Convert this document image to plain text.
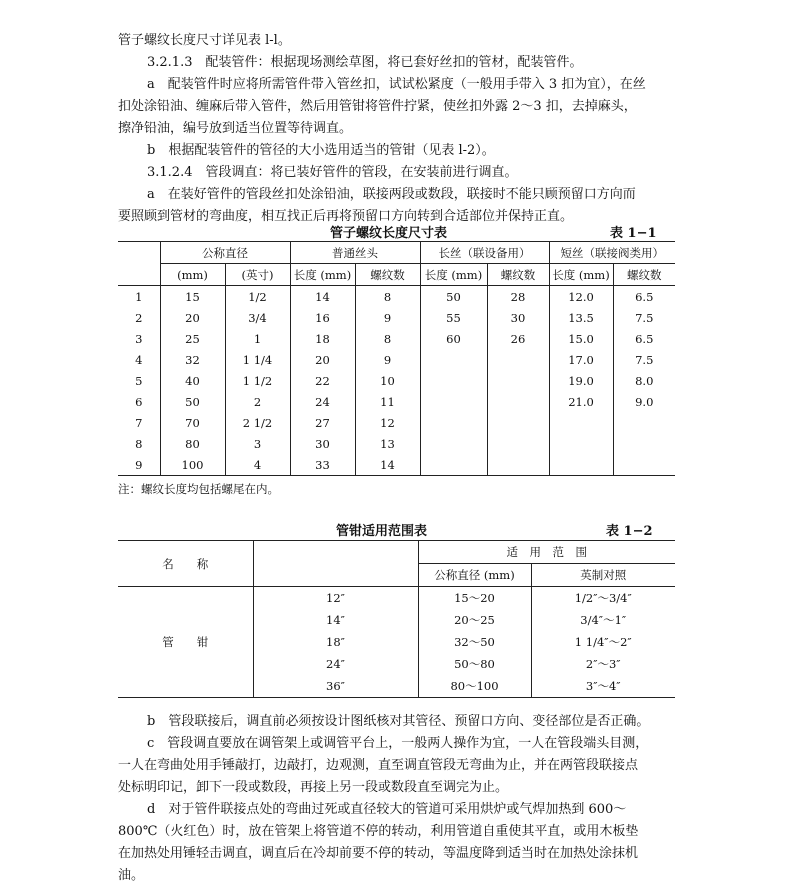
管子螺纹长度尺寸详见表 l-l。

3.2.1.3　配装管件：根据现场测绘草图，将已套好丝扣的管材，配装管件。

a　配装管件时应将所需管件带入管丝扣，试试松紧度（一般用手带入 3 扣为宜），在丝

扣处涂铅油、缠麻后带入管件，然后用管钳将管件拧紧，使丝扣外露 2～3 扣，去掉麻头，

擦净铅油，编号放到适当位置等待调直。

b　根据配装管件的管径的大小选用适当的管钳（见表 l-2）。

3.1.2.4　管段调直：将已装好管件的管段，在安装前进行调直。

a　在装好管件的管段丝扣处涂铅油，联接两段或数段，联接时不能只顾预留口方向而

要照顾到管材的弯曲度，相互找正后再将预留口方向转到合适部位并保持正直。

管子螺纹长度尺寸表	表 1−1
	公称直径		普通丝头		长丝（联设备用）		短丝（联接阀类用）	
	(mm)	(英寸)	长度 (mm)	螺纹数	长度 (mm)	螺纹数	长度 (mm)	螺纹数
1	15	1/2	14	8	50	28	12.0	6.5
2	20	3/4	16	9	55	30	13.5	7.5
3	25	1	18	8	60	26	15.0	6.5
4	32	1 1/4	20	9			17.0	7.5
5	40	1 1/2	22	10			19.0	8.0
6	50	2	24	11			21.0	9.0
7	70	2 1/2	27	12				
8	80	3	30	13				
9	100	4	33	14				
注：螺纹长度均包括螺尾在内。
管钳适用范围表	表 1−2
名　　称		适　用　范　围	
		公称直径 (mm)	英制对照
管　　钳	12″	15～20	1/2″～3/4″
	14″	20～25	3/4″～1″
	18″	32～50	1 1/4″～2″
	24″	50～80	2″～3″
	36″	80～100	3″～4″

b　管段联接后，调直前必须按设计图纸核对其管径、预留口方向、变径部位是否正确。

c　管段调直要放在调管架上或调管平台上，一般两人操作为宜，一人在管段端头目测，

一人在弯曲处用手锤敲打，边敲打，边观测，直至调直管段无弯曲为止，并在两管段联接点

处标明印记，卸下一段或数段，再接上另一段或数段直至调完为止。

d　对于管件联接点处的弯曲过死或直径较大的管道可采用烘炉或气焊加热到 600～

800℃（火红色）时，放在管架上将管道不停的转动，利用管道自重使其平直，或用木板垫

在加热处用锤轻击调直，调直后在冷却前要不停的转动，等温度降到适当时在加热处涂抹机

油。
